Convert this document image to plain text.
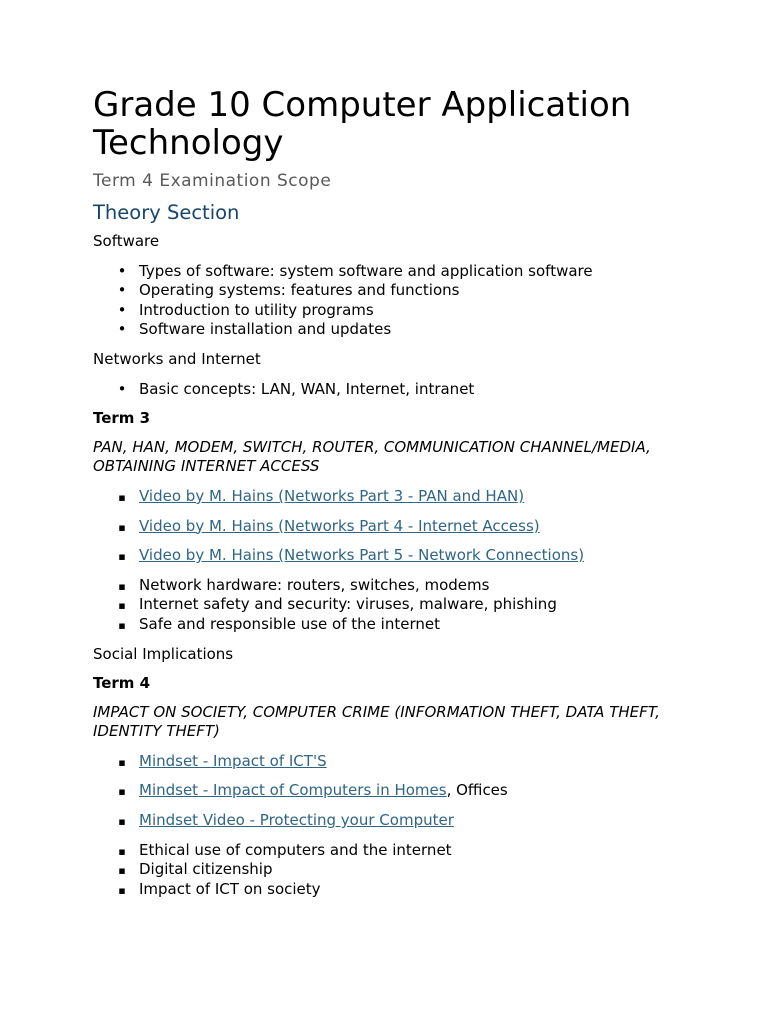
Grade 10 Computer Application Technology
Term 4 Examination Scope
Theory Section

Software

•
Types of software: system software and application software
•
Operating systems: features and functions
•
Introduction to utility programs
•
Software installation and updates

Networks and Internet

•
Basic concepts: LAN, WAN, Internet, intranet

Term 3

PAN, HAN, MODEM, SWITCH, ROUTER, COMMUNICATION CHANNEL/MEDIA, OBTAINING INTERNET ACCESS

▪
Video by M. Hains (Networks Part 3 - PAN and HAN)
▪
Video by M. Hains (Networks Part 4 - Internet Access)
▪
Video by M. Hains (Networks Part 5 - Network Connections)
▪
Network hardware: routers, switches, modems
▪
Internet safety and security: viruses, malware, phishing
▪
Safe and responsible use of the internet

Social Implications

Term 4

IMPACT ON SOCIETY, COMPUTER CRIME (INFORMATION THEFT, DATA THEFT, IDENTITY THEFT)

▪
Mindset - Impact of ICT'S
▪
Mindset - Impact of Computers in Homes, Offices
▪
Mindset Video - Protecting your Computer
▪
Ethical use of computers and the internet
▪
Digital citizenship
▪
Impact of ICT on society
